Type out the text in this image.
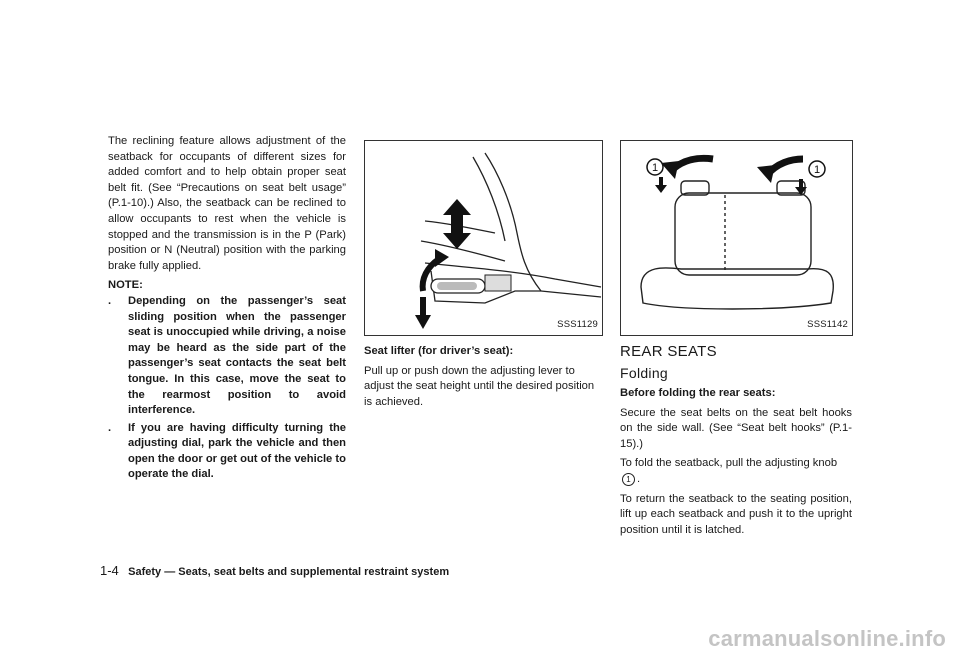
The reclining feature allows adjustment of the seatback for occupants of different sizes for added comfort and to help obtain proper seat belt fit. (See “Precautions on seat belt usage” (P.1-10).) Also, the seatback can be reclined to allow occupants to rest when the vehicle is stopped and the transmission is in the P (Park) position or N (Neutral) position with the parking brake fully applied.

NOTE:
. Depending on the passenger’s seat sliding position when the passenger seat is unoccupied while driving, a noise may be heard as the side part of the passenger’s seat contacts the seat belt tongue. In this case, move the seat to the rearmost position to avoid interference.
. If you are having difficulty turning the adjusting dial, park the vehicle and then open the door or get out of the vehicle to operate the dial.
SSS1129
Seat lifter (for driver’s seat):

Pull up or push down the adjusting lever to adjust the seat height until the desired position is achieved.

1	1
SSS1142
REAR SEATS
Folding
Before folding the rear seats:

Secure the seat belts on the seat belt hooks on the side wall. (See “Seat belt hooks” (P.1-15).)

To fold the seatback, pull the adjusting knob1 .

To return the seatback to the seating position, lift up each seatback and push it to the upright position until it is latched.

1-4 Safety — Seats, seat belts and supplemental restraint system
carmanualsonline.info
